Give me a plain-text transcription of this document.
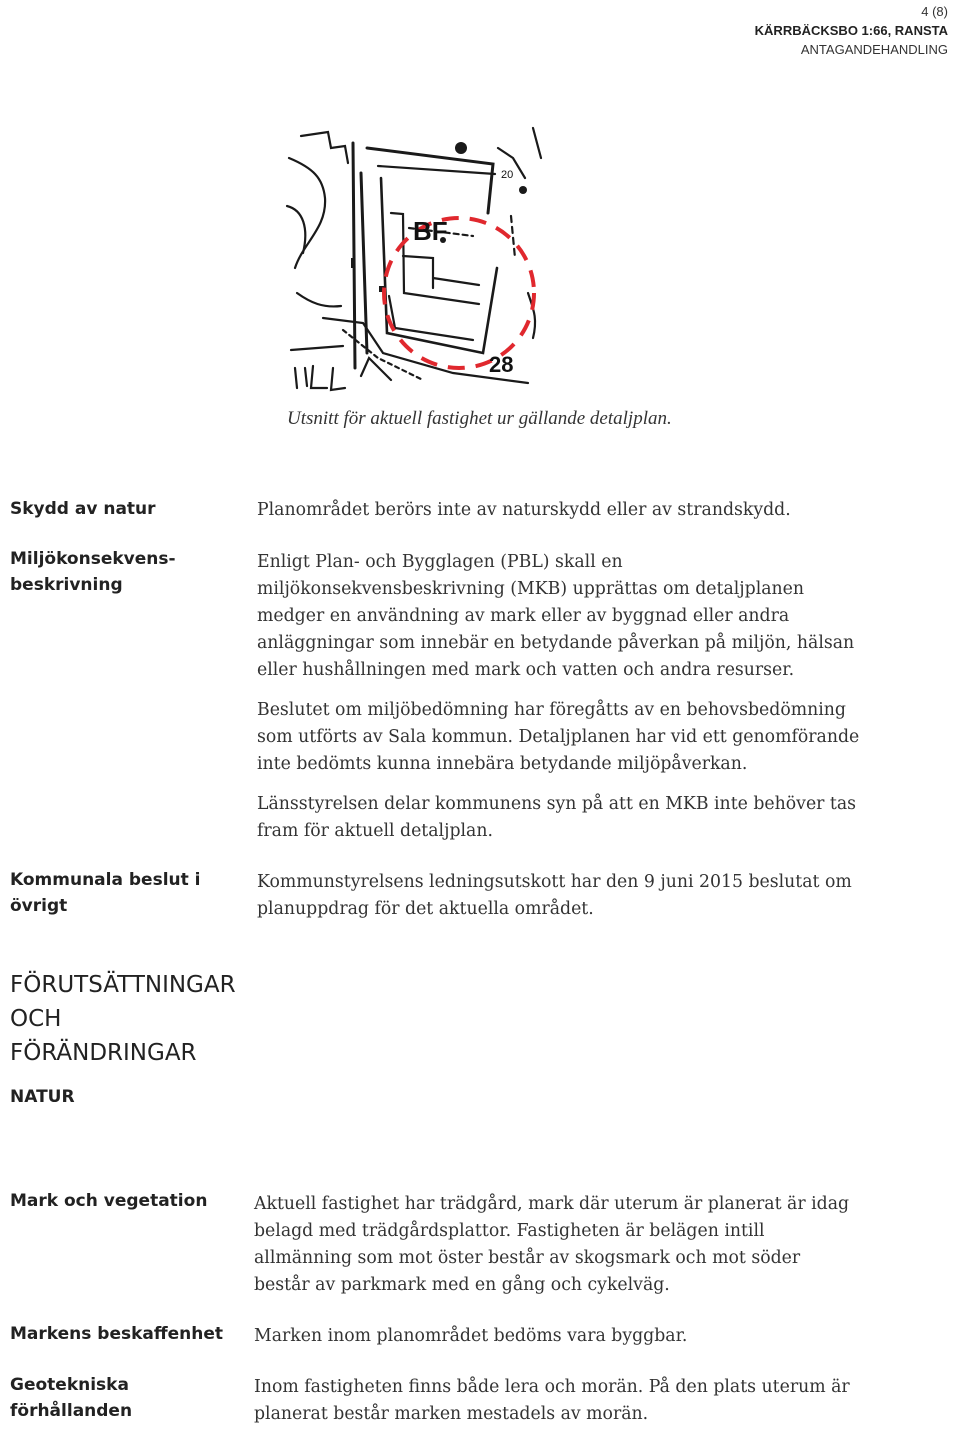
4 (8)
KÄRRBÄCKSBO 1:66, RANSTA
ANTAGANDEHANDLING
BF
28
20
Utsnitt för aktuell fastighet ur gällande detaljplan.
Skydd av natur	Planområdet berörs inte av naturskydd eller av strandskydd.
Miljökonsekvens-
beskrivning
Enligt Plan- och Bygglagen (PBL) skall en
miljökonsekvensbeskrivning (MKB) upprättas om detaljplanen
medger en användning av mark eller av byggnad eller andra
anläggningar som innebär en betydande påverkan på miljön, hälsan
eller hushållningen med mark och vatten och andra resurser.
Beslutet om miljöbedömning har föregåtts av en behovsbedömning
som utförts av Sala kommun. Detaljplanen har vid ett genomförande
inte bedömts kunna innebära betydande miljöpåverkan.
Länsstyrelsen delar kommunens syn på att en MKB inte behöver tas
fram för aktuell detaljplan.
Kommunala beslut i
övrigt
Kommunstyrelsens ledningsutskott har den 9 juni 2015 beslutat om
planuppdrag för det aktuella området.
FÖRUTSÄTTNINGAR
OCH
FÖRÄNDRINGAR
NATUR
Mark och vegetation	Aktuell fastighet har trädgård, mark där uterum är planerat är idag
belagd med trädgårdsplattor. Fastigheten är belägen intill
allmänning som mot öster består av skogsmark och mot söder
består av parkmark med en gång och cykelväg.
Markens beskaffenhet Marken inom planområdet bedöms vara byggbar.
Geotekniska
förhållanden
Inom fastigheten finns både lera och morän. På den plats uterum är
planerat består marken mestadels av morän.
